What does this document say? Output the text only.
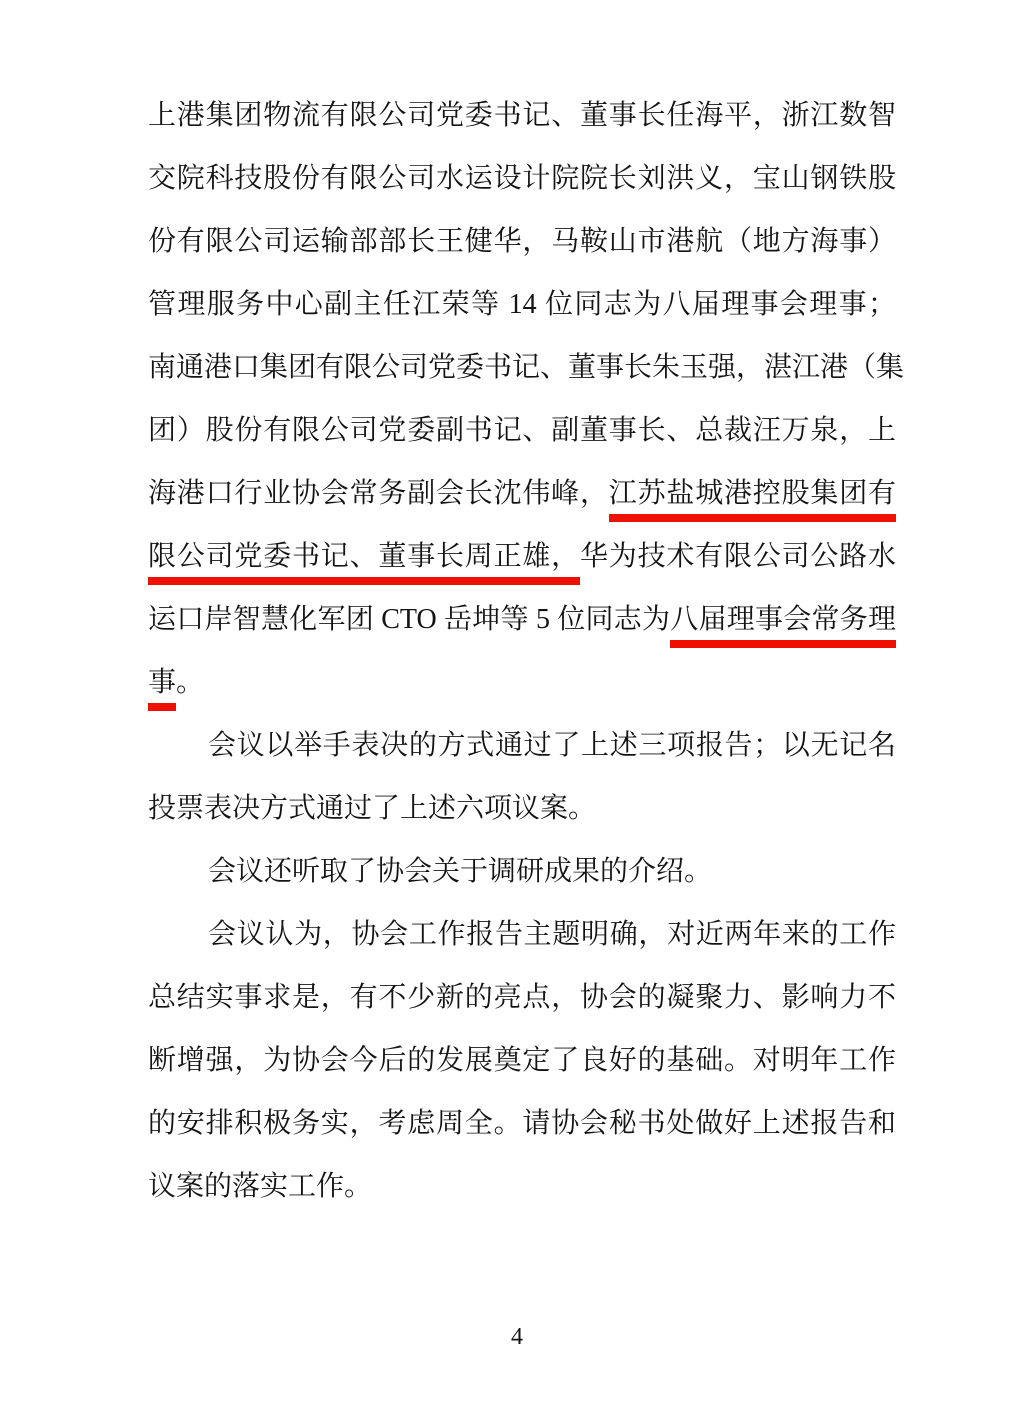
上港集团物流有限公司党委书记、董事长任海平，浙江数智
交院科技股份有限公司水运设计院院长刘洪义，宝山钢铁股
份有限公司运输部部长王健华，马鞍山市港航（地方海事）
管理服务中心副主任江荣等 14 位同志为八届理事会理事；
南通港口集团有限公司党委书记、董事长朱玉强，湛江港（集
团）股份有限公司党委副书记、副董事长、总裁汪万泉，上
海港口行业协会常务副会长沈伟峰，江苏盐城港控股集团有
限公司党委书记、董事长周正雄，华为技术有限公司公路水
运口岸智慧化军团 CTO 岳坤等 5 位同志为八届理事会常务理
事。
会议以举手表决的方式通过了上述三项报告；以无记名
投票表决方式通过了上述六项议案。
会议还听取了协会关于调研成果的介绍。
会议认为，协会工作报告主题明确，对近两年来的工作
总结实事求是，有不少新的亮点，协会的凝聚力、影响力不
断增强，为协会今后的发展奠定了良好的基础。对明年工作
的安排积极务实，考虑周全。请协会秘书处做好上述报告和
议案的落实工作。
4
